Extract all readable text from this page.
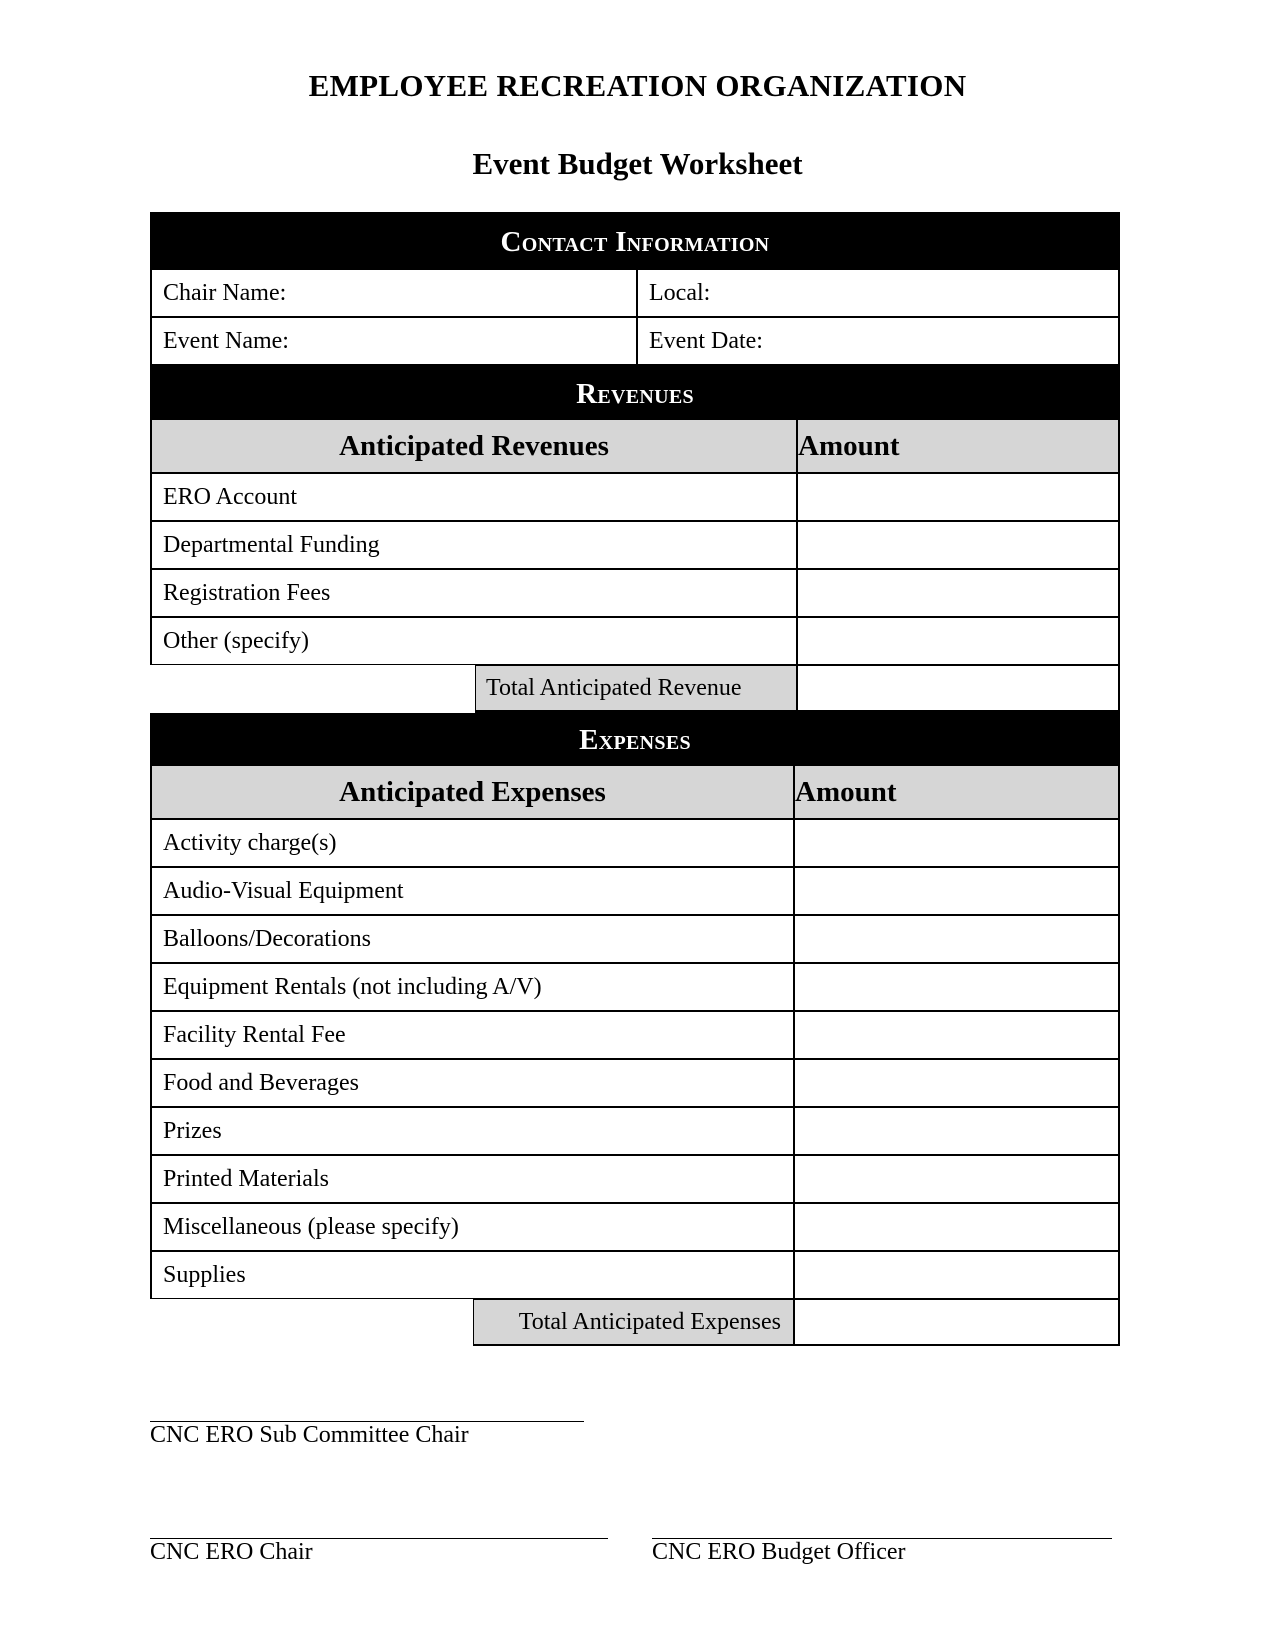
EMPLOYEE RECREATION ORGANIZATION
Event Budget Worksheet
Contact Information
Chair Name:	Local:
Event Name:	Event Date:
Revenues
Anticipated Revenues	Amount
ERO Account
Departmental Funding
Registration Fees
Other (specify)
Total Anticipated Revenue
Expenses
Anticipated Expenses	Amount
Activity charge(s)
Audio-Visual Equipment
Balloons/Decorations
Equipment Rentals (not including A/V)
Facility Rental Fee
Food and Beverages
Prizes
Printed Materials
Miscellaneous (please specify)
Supplies
Total Anticipated Expenses
CNC ERO Sub Committee Chair
CNC ERO Chair	CNC ERO Budget Officer
